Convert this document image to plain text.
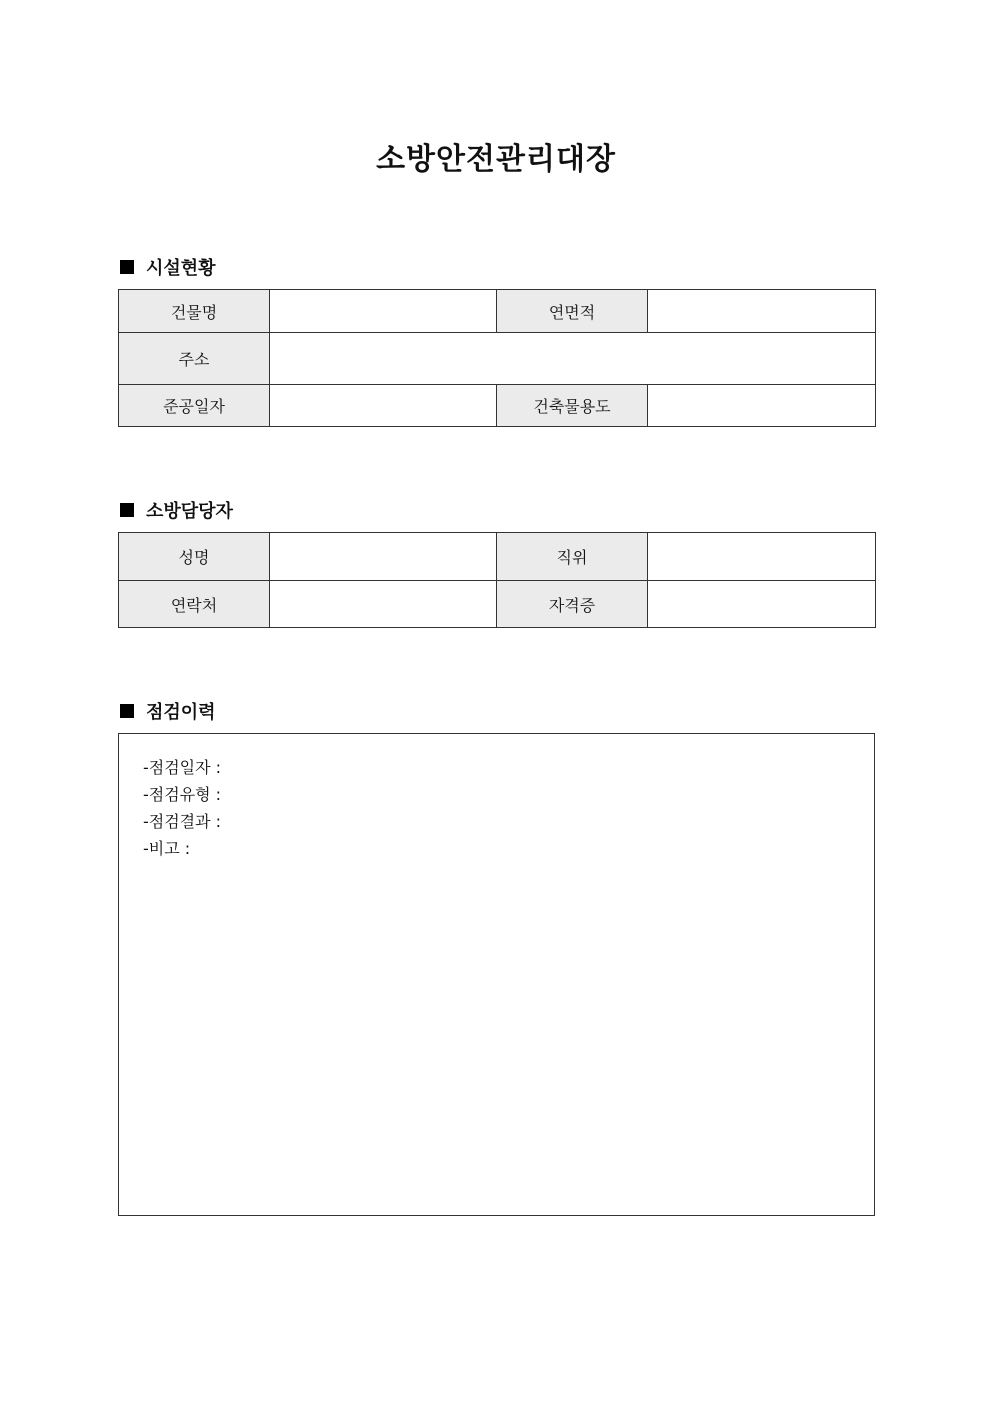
소방안전관리대장
시설현황
건물명		연면적	
주소			
준공일자		건축물용도	
소방담당자
성명		직위	
연락처		자격증	
점검이력
-점검일자 :
-점검유형 :
-점검결과 :
-비고 :
